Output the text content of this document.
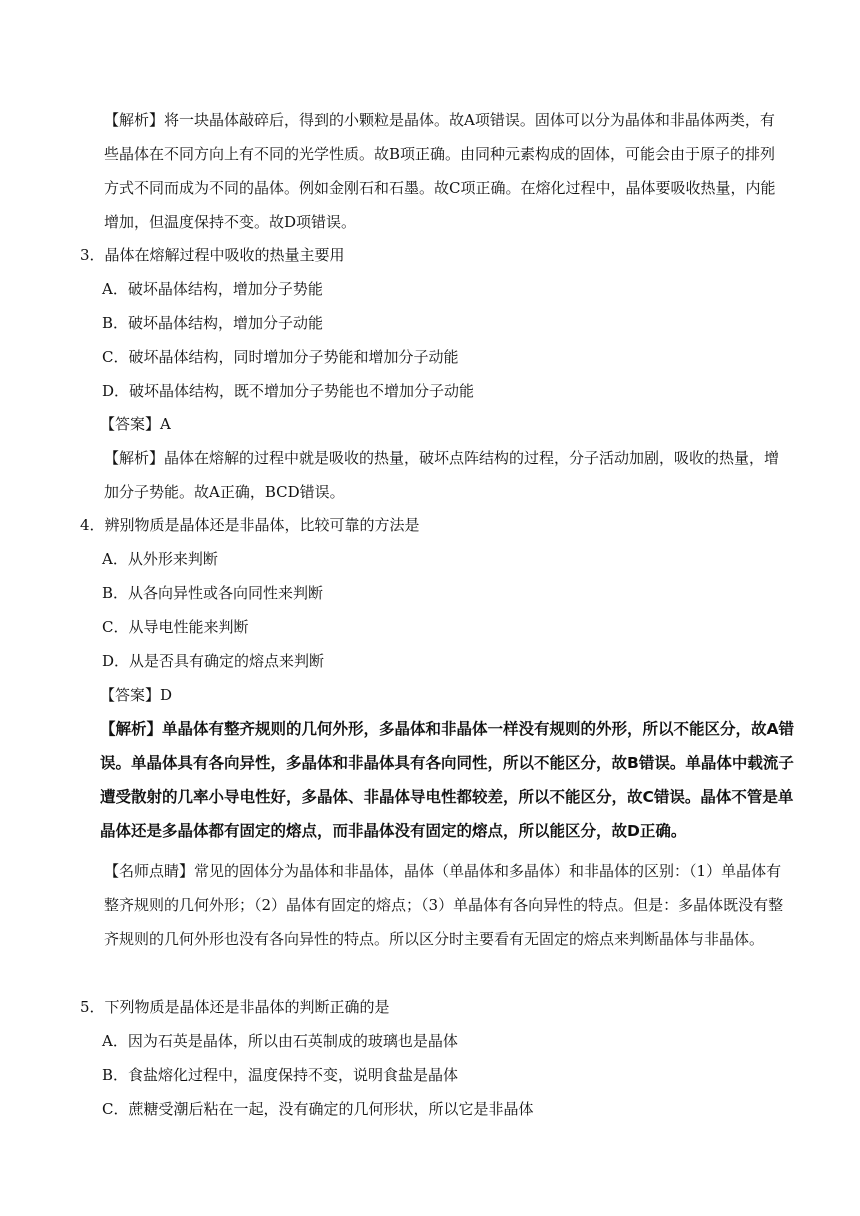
【解析】将一块晶体敲碎后，得到的小颗粒是晶体。故A项错误。固体可以分为晶体和非晶体两类，有些晶体在不同方向上有不同的光学性质。故B项正确。由同种元素构成的固体，可能会由于原子的排列方式不同而成为不同的晶体。例如金刚石和石墨。故C项正确。在熔化过程中，晶体要吸收热量，内能增加，但温度保持不变。故D项错误。

3．晶体在熔解过程中吸收的热量主要用

A．破坏晶体结构，增加分子势能

B．破坏晶体结构，增加分子动能

C．破坏晶体结构，同时增加分子势能和增加分子动能

D．破坏晶体结构，既不增加分子势能也不增加分子动能

【答案】A

【解析】晶体在熔解的过程中就是吸收的热量，破坏点阵结构的过程，分子活动加剧，吸收的热量，增加分子势能。故A正确，BCD错误。

4．辨别物质是晶体还是非晶体，比较可靠的方法是

A．从外形来判断

B．从各向异性或各向同性来判断

C．从导电性能来判断

D．从是否具有确定的熔点来判断

【答案】D

【解析】单晶体有整齐规则的几何外形，多晶体和非晶体一样没有规则的外形，所以不能区分，故A错误。单晶体具有各向异性，多晶体和非晶体具有各向同性，所以不能区分，故B错误。单晶体中载流子遭受散射的几率小导电性好，多晶体、非晶体导电性都较差，所以不能区分，故C错误。晶体不管是单晶体还是多晶体都有固定的熔点，而非晶体没有固定的熔点，所以能区分，故D正确。

【名师点睛】常见的固体分为晶体和非晶体，晶体（单晶体和多晶体）和非晶体的区别：（1）单晶体有整齐规则的几何外形；（2）晶体有固定的熔点；（3）单晶体有各向异性的特点。但是：多晶体既没有整齐规则的几何外形也没有各向异性的特点。所以区分时主要看有无固定的熔点来判断晶体与非晶体。

5．下列物质是晶体还是非晶体的判断正确的是

A．因为石英是晶体，所以由石英制成的玻璃也是晶体

B．食盐熔化过程中，温度保持不变，说明食盐是晶体

C．蔗糖受潮后粘在一起，没有确定的几何形状，所以它是非晶体
